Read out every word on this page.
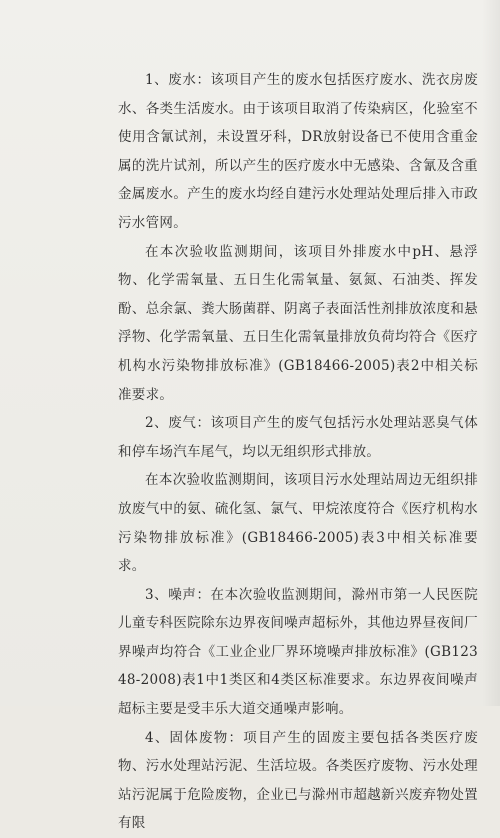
1、废水：该项目产生的废水包括医疗废水、洗衣房废水、各类生活废水。由于该项目取消了传染病区，化验室不使用含氰试剂，未设置牙科，DR放射设备已不使用含重金属的洗片试剂，所以产生的医疗废水中无感染、含氰及含重金属废水。产生的废水均经自建污水处理站处理后排入市政污水管网。

在本次验收监测期间，该项目外排废水中pH、悬浮物、化学需氧量、五日生化需氧量、氨氮、石油类、挥发酚、总余氯、粪大肠菌群、阴离子表面活性剂排放浓度和悬浮物、化学需氧量、五日生化需氧量排放负荷均符合《医疗机构水污染物排放标准》(GB18466-2005)表2中相关标准要求。

2、废气：该项目产生的废气包括污水处理站恶臭气体和停车场汽车尾气，均以无组织形式排放。

在本次验收监测期间，该项目污水处理站周边无组织排放废气中的氨、硫化氢、氯气、甲烷浓度符合《医疗机构水污染物排放标准》(GB18466-2005)表3中相关标准要求。

3、噪声：在本次验收监测期间，滁州市第一人民医院儿童专科医院除东边界夜间噪声超标外，其他边界昼夜间厂界噪声均符合《工业企业厂界环境噪声排放标准》(GB12348-2008)表1中1类区和4类区标准要求。东边界夜间噪声超标主要是受丰乐大道交通噪声影响。

4、固体废物：项目产生的固废主要包括各类医疗废物、污水处理站污泥、生活垃圾。各类医疗废物、污水处理站污泥属于危险废物，企业已与滁州市超越新兴废弃物处置有限
